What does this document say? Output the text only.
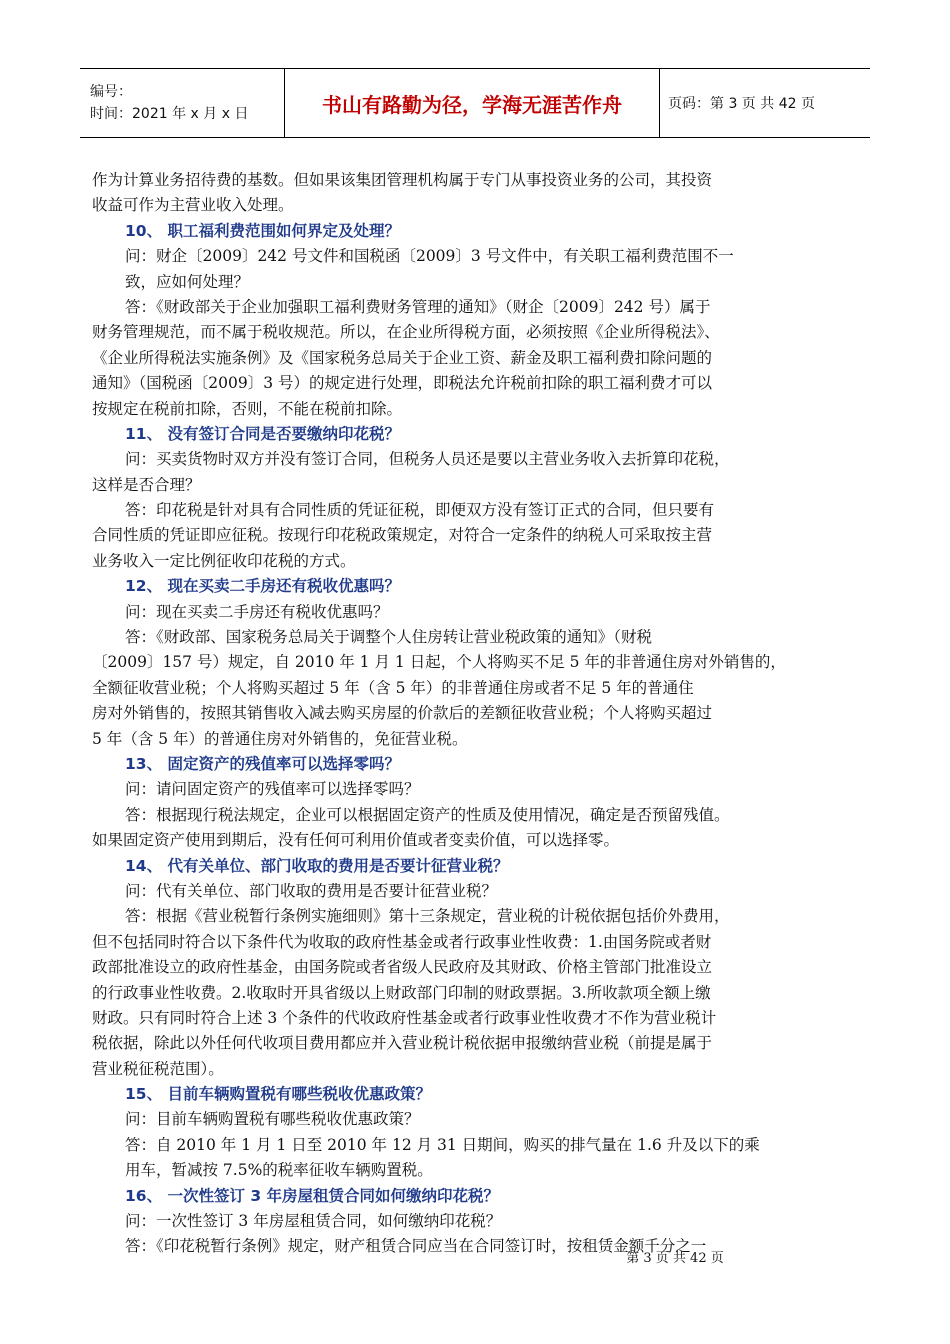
编号：
时间：2021 年 x 月 x 日	书山有路勤为径，学海无涯苦作舟	页码：第 3 页 共 42 页
作为计算业务招待费的基数。但如果该集团管理机构属于专门从事投资业务的公司，其投资
收益可作为主营业收入处理。
10、 职工福利费范围如何界定及处理？
问：财企〔2009〕242 号文件和国税函〔2009〕3 号文件中，有关职工福利费范围不一
致，应如何处理？
答：《财政部关于企业加强职工福利费财务管理的通知》（财企〔2009〕242 号）属于
财务管理规范，而不属于税收规范。所以，在企业所得税方面，必须按照《企业所得税法》、
《企业所得税法实施条例》及《国家税务总局关于企业工资、薪金及职工福利费扣除问题的
通知》（国税函〔2009〕3 号）的规定进行处理，即税法允许税前扣除的职工福利费才可以
按规定在税前扣除，否则，不能在税前扣除。
11、 没有签订合同是否要缴纳印花税？
问：买卖货物时双方并没有签订合同，但税务人员还是要以主营业务收入去折算印花税，
这样是否合理？
答：印花税是针对具有合同性质的凭证征税，即便双方没有签订正式的合同，但只要有
合同性质的凭证即应征税。按现行印花税政策规定，对符合一定条件的纳税人可采取按主营
业务收入一定比例征收印花税的方式。
12、 现在买卖二手房还有税收优惠吗？
问：现在买卖二手房还有税收优惠吗？
答：《财政部、国家税务总局关于调整个人住房转让营业税政策的通知》（财税
〔2009〕157 号）规定，自 2010 年 1 月 1 日起，个人将购买不足 5 年的非普通住房对外销售的，
全额征收营业税；个人将购买超过 5 年（含 5 年）的非普通住房或者不足 5 年的普通住
房对外销售的，按照其销售收入减去购买房屋的价款后的差额征收营业税；个人将购买超过
5 年（含 5 年）的普通住房对外销售的，免征营业税。
13、 固定资产的残值率可以选择零吗？
问：请问固定资产的残值率可以选择零吗？
答：根据现行税法规定，企业可以根据固定资产的性质及使用情况，确定是否预留残值。
如果固定资产使用到期后，没有任何可利用价值或者变卖价值，可以选择零。
14、 代有关单位、部门收取的费用是否要计征营业税？
问：代有关单位、部门收取的费用是否要计征营业税？
答：根据《营业税暂行条例实施细则》第十三条规定，营业税的计税依据包括价外费用，
但不包括同时符合以下条件代为收取的政府性基金或者行政事业性收费：1.由国务院或者财
政部批准设立的政府性基金，由国务院或者省级人民政府及其财政、价格主管部门批准设立
的行政事业性收费。2.收取时开具省级以上财政部门印制的财政票据。3.所收款项全额上缴
财政。只有同时符合上述 3 个条件的代收政府性基金或者行政事业性收费才不作为营业税计
税依据，除此以外任何代收项目费用都应并入营业税计税依据申报缴纳营业税（前提是属于
营业税征税范围）。
15、 目前车辆购置税有哪些税收优惠政策？
问：目前车辆购置税有哪些税收优惠政策？
答：自 2010 年 1 月 1 日至 2010 年 12 月 31 日期间，购买的排气量在 1.6 升及以下的乘
用车，暂减按 7.5%的税率征收车辆购置税。
16、 一次性签订 3 年房屋租赁合同如何缴纳印花税？
问：一次性签订 3 年房屋租赁合同，如何缴纳印花税？
答：《印花税暂行条例》规定，财产租赁合同应当在合同签订时，按租赁金额千分之一
第 3 页 共 42 页
